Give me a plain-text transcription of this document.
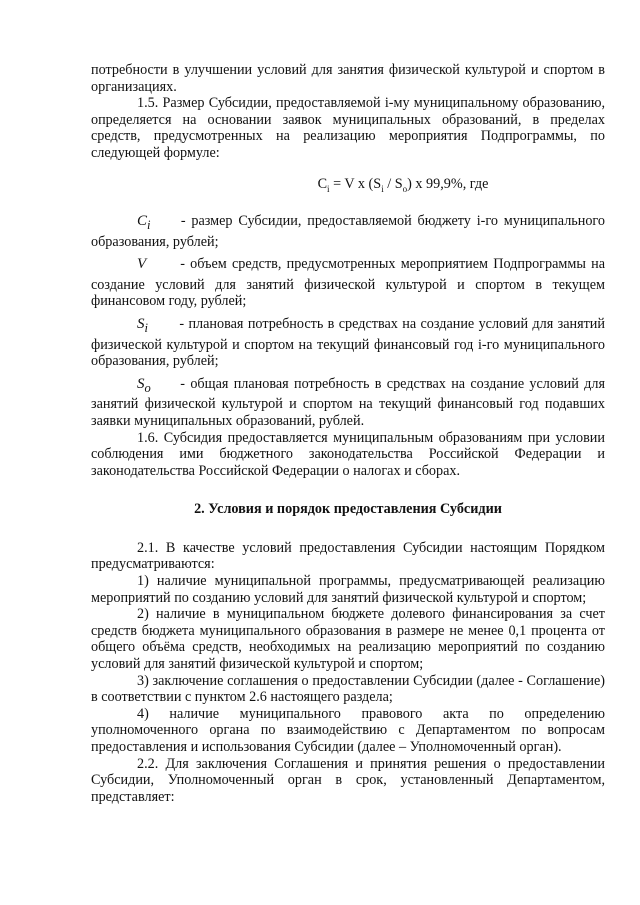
потребности в улучшении условий для занятия физической культурой и спортом в организациях.

1.5. Размер Субсидии, предоставляемой i-му муниципальному образованию, определяется на основании заявок муниципальных образований, в пределах средств, предусмотренных на реализацию мероприятия Подпрограммы, по следующей формуле:

$C_i = V$ x $(S_i / S_o)$ x 99,9%, где

$C_i$ - размер Субсидии, предоставляемой бюджету i-го муниципального образования, рублей;

V - объем средств, предусмотренных мероприятием Подпрограммы на создание условий для занятий физической культурой и спортом в текущем финансовом году, рублей;

$S_i$ - плановая потребность в средствах на создание условий для занятий физической культурой и спортом на текущий финансовый год i-го муниципального образования, рублей;

$S_o$ - общая плановая потребность в средствах на создание условий для занятий физической культурой и спортом на текущий финансовый год подавших заявки муниципальных образований, рублей.

1.6. Субсидия предоставляется муниципальным образованиям при условии соблюдения ими бюджетного законодательства Российской Федерации и законодательства Российской Федерации о налогах и сборах.

2. Условия и порядок предоставления Субсидии

2.1. В качестве условий предоставления Субсидии настоящим Порядком предусматриваются:

1) наличие муниципальной программы, предусматривающей реализацию мероприятий по созданию условий для занятий физической культурой и спортом;

2) наличие в муниципальном бюджете долевого финансирования за счет средств бюджета муниципального образования в размере не менее 0,1 процента от общего объёма средств, необходимых на реализацию мероприятий по созданию условий для занятий физической культурой и спортом;

3) заключение соглашения о предоставлении Субсидии (далее - Соглашение) в соответствии с пунктом 2.6 настоящего раздела;

4) наличие муниципального правового акта по определению уполномоченного органа по взаимодействию с Департаментом по вопросам предоставления и использования Субсидии (далее – Уполномоченный орган).

2.2. Для заключения Соглашения и принятия решения о предоставлении Субсидии, Уполномоченный орган в срок, установленный Департаментом, представляет:
